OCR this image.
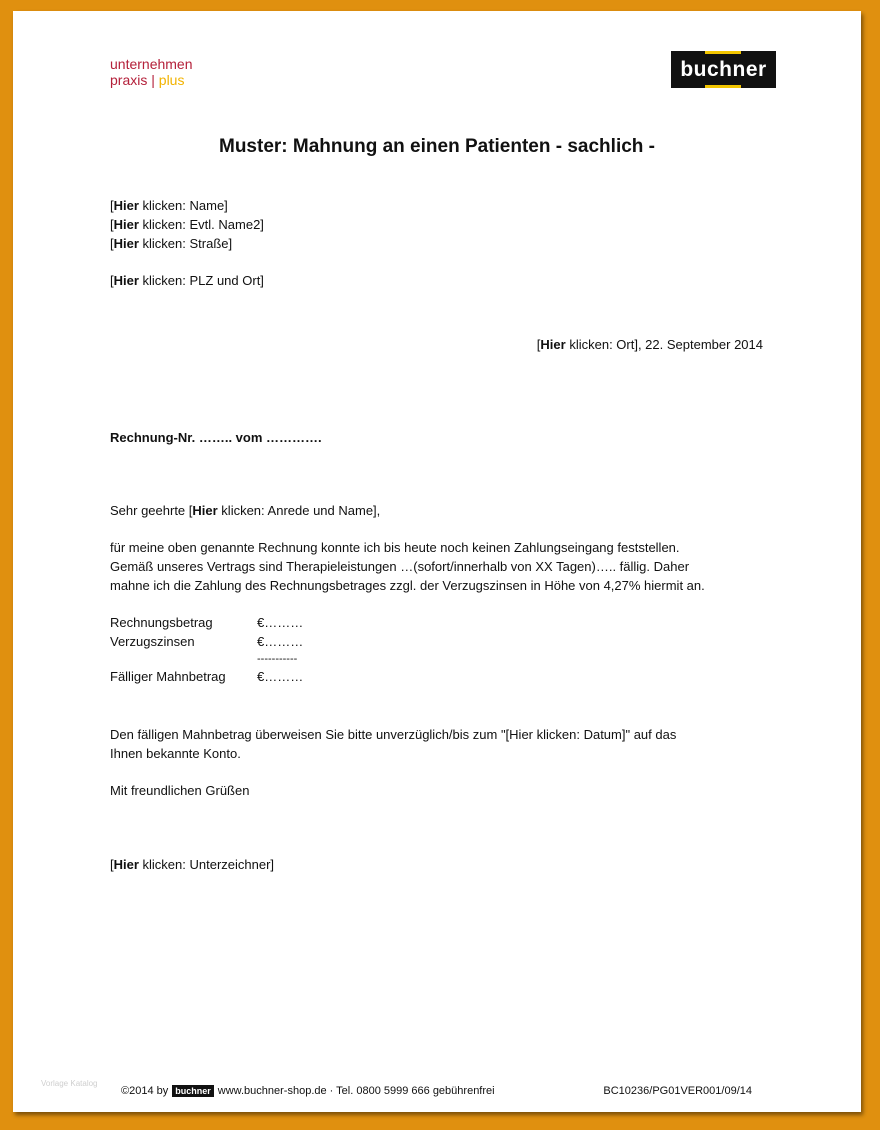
unternehmen
praxis | plus	buchner
Muster: Mahnung an einen Patienten - sachlich -
[Hier klicken: Name]
[Hier klicken: Evtl. Name2]
[Hier klicken: Straße]
[Hier klicken: PLZ und Ort]
[Hier klicken: Ort], 22. September 2014
Rechnung-Nr. …….. vom ………….
Sehr geehrte [Hier klicken: Anrede und Name],
für meine oben genannte Rechnung konnte ich bis heute noch keinen Zahlungseingang feststellen.
Gemäß unseres Vertrags sind Therapieleistungen …(sofort/innerhalb von XX Tagen)….. fällig. Daher
mahne ich die Zahlung des Rechnungsbetrages zzgl. der Verzugszinsen in Höhe von 4,27% hiermit an.
Rechnungsbetrag	€………
Verzugszinsen	€………
-----------
Fälliger Mahnbetrag	€………
Den fälligen Mahnbetrag überweisen Sie bitte unverzüglich/bis zum "[Hier klicken: Datum]" auf das
Ihnen bekannte Konto.
Mit freundlichen Grüßen
[Hier klicken: Unterzeichner]
Vorlage Katalog
©2014 by buchner www.buchner-shop.de · Tel. 0800 5999 666 gebührenfrei	BC10236/PG01VER001/09/14
